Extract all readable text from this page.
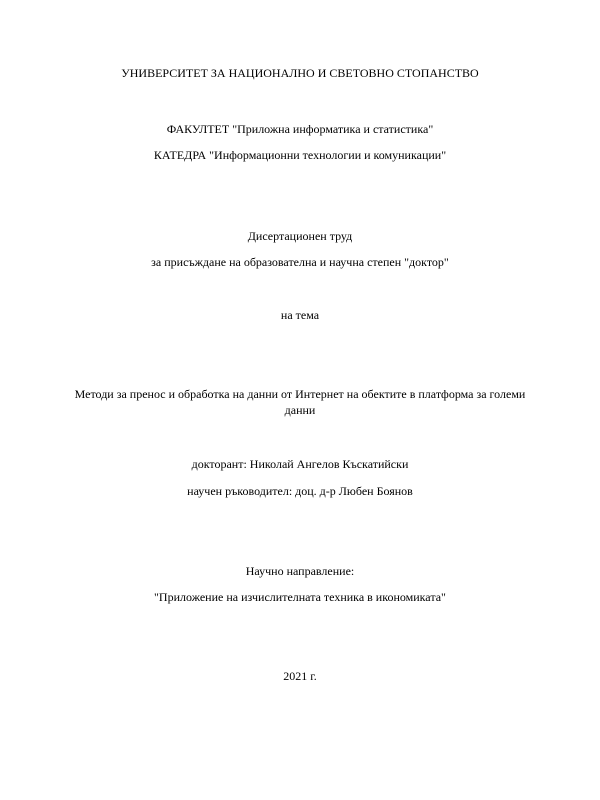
УНИВЕРСИТЕТ ЗА НАЦИОНАЛНО И СВЕТОВНО СТОПАНСТВО
ФАКУЛТЕТ "Приложна информатика и статистика"
КАТЕДРА "Информационни технологии и комуникации"
Дисертационен труд
за присъждане на образователна и научна степен "доктор"
на тема
Методи за пренос и обработка на данни от Интернет на обектите в платформа за големи данни
докторант: Николай Ангелов Къскатийски
научен ръководител: доц. д-р Любен Боянов
Научно направление:
"Приложение на изчислителната техника в икономиката"
2021 г.
